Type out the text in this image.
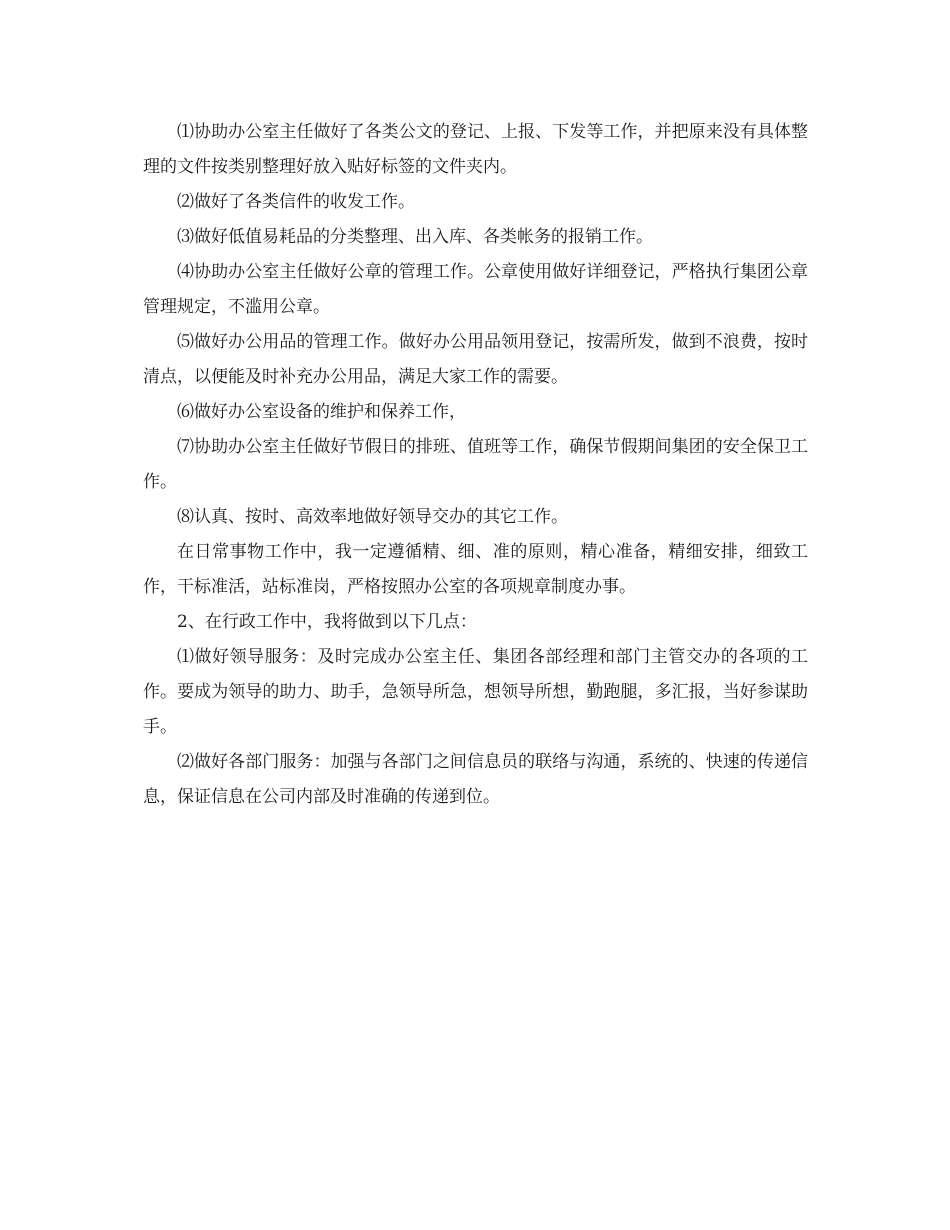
⑴协助办公室主任做好了各类公文的登记、上报、下发等工作，并把原来没有具体整理的文件按类别整理好放入贴好标签的文件夹内。

⑵做好了各类信件的收发工作。

⑶做好低值易耗品的分类整理、出入库、各类帐务的报销工作。

⑷协助办公室主任做好公章的管理工作。公章使用做好详细登记，严格执行集团公章管理规定，不滥用公章。

⑸做好办公用品的管理工作。做好办公用品领用登记，按需所发，做到不浪费，按时清点，以便能及时补充办公用品，满足大家工作的需要。

⑹做好办公室设备的维护和保养工作，

⑺协助办公室主任做好节假日的排班、值班等工作，确保节假期间集团的安全保卫工作。

⑻认真、按时、高效率地做好领导交办的其它工作。

在日常事物工作中，我一定遵循精、细、准的原则，精心准备，精细安排，细致工作，干标准活，站标准岗，严格按照办公室的各项规章制度办事。

2、在行政工作中，我将做到以下几点：

⑴做好领导服务：及时完成办公室主任、集团各部经理和部门主管交办的各项的工作。要成为领导的助力、助手，急领导所急，想领导所想，勤跑腿，多汇报，当好参谋助手。

⑵做好各部门服务：加强与各部门之间信息员的联络与沟通，系统的、快速的传递信息，保证信息在公司内部及时准确的传递到位。
